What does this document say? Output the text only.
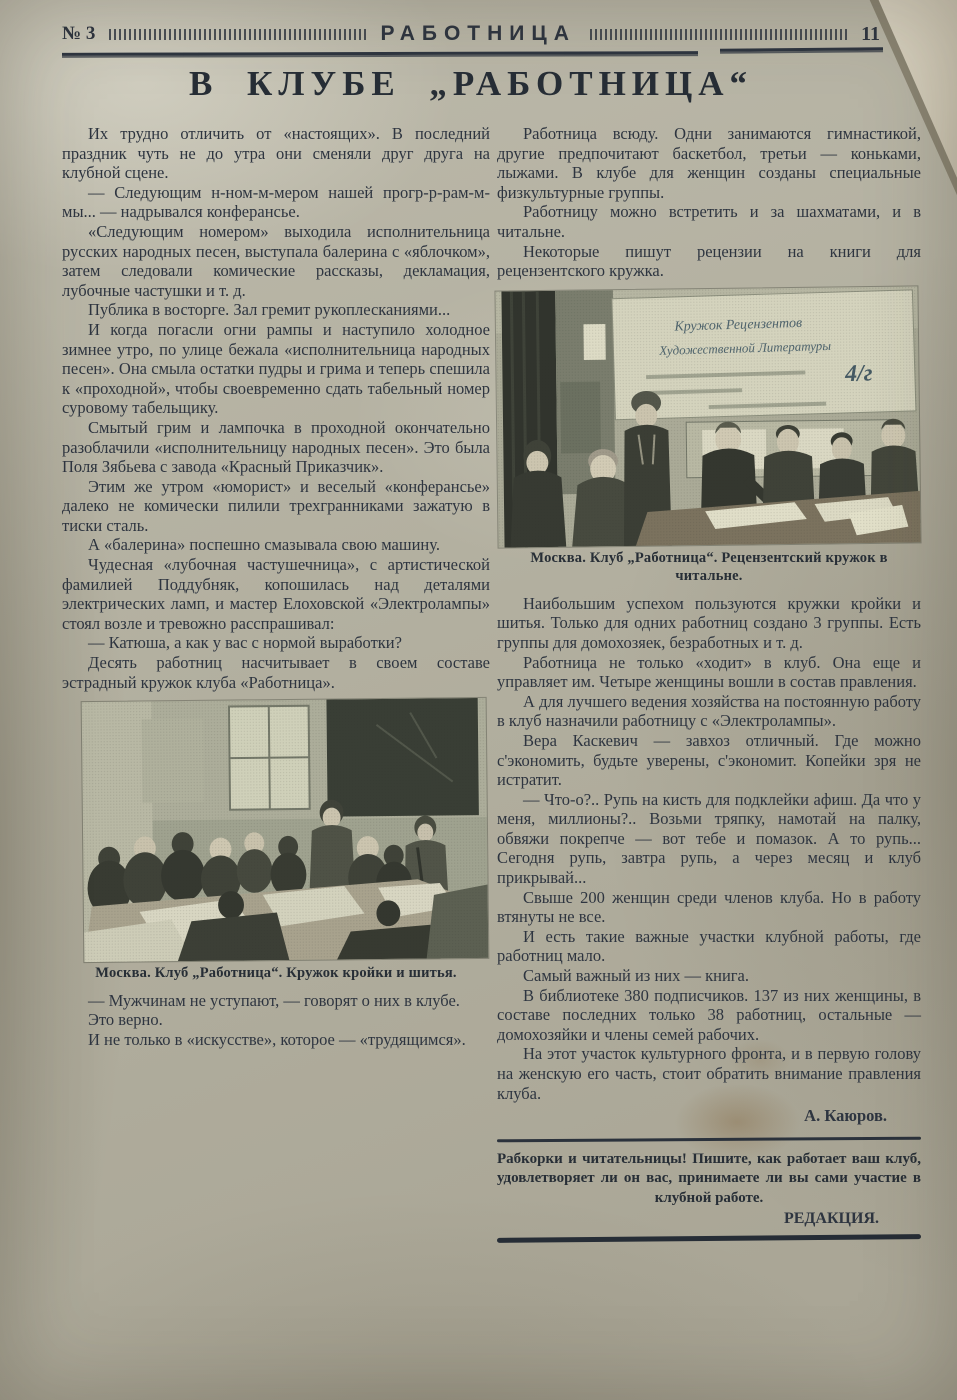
№ 3	РАБОТНИЦА	11
В КЛУБЕ „РАБОТНИЦА“

Их трудно отличить от «настоящих». В последний праздник чуть не до утра они сменяли друг друга на клубной сцене.

— Следующим н-ном-м-мером нашей прогр-р-рам-м-мы... — надрывался конферансье.

«Следующим номером» выходила исполнительница русских народных песен, выступала балерина с «яблочком», затем следовали комические рассказы, декламация, лубочные частушки и т. д.

Публика в восторге. Зал гремит рукоплесканиями...

И когда погасли огни рампы и наступило холодное зимнее утро, по улице бежала «исполнительница народных песен». Она смыла остатки пудры и грима и теперь спешила к «проходной», чтобы своевременно сдать табельный номер суровому табельщику.

Смытый грим и лампочка в проходной окончательно разоблачили «исполнительницу народных песен». Это была Поля Зябьева с завода «Красный Приказчик».

Этим же утром «юморист» и веселый «конферансье» далеко не комически пилили трехгранниками зажатую в тиски сталь.

А «балерина» поспешно смазывала свою машину.

Чудесная «лубочная частушечница», с артистической фамилией Поддубняк, копошилась над деталями электрических ламп, и мастер Елоховской «Электролампы» стоял возле и тревожно расспрашивал:

— Катюша, а как у вас с нормой выработки?

Десять работниц насчитывает в своем составе эстрадный кружок клуба «Работница».

Москва. Клуб „Работница“. Кружок кройки и шитья.

— Мужчинам не уступают, — говорят о них в клубе.

Это верно.

И не только в «искусстве», которое — «трудящимся».

Работница всюду. Одни занимаются гимнастикой, другие предпочитают баскетбол, третьи — коньками, лыжами. В клубе для женщин созданы специальные физкультурные группы.

Работницу можно встретить и за шахматами, и в читальне.

Некоторые пишут рецензии на книги для рецензентского кружка.

Москва. Клуб „Работница“. Рецензентский кружок в читальне.

Наибольшим успехом пользуются кружки кройки и шитья. Только для одних работниц создано 3 группы. Есть группы для домохозяек, безработных и т. д.

Работница не только «ходит» в клуб. Она еще и управляет им. Четыре женщины вошли в состав правления.

А для лучшего ведения хозяйства на постоянную работу в клуб назначили работницу с «Электролампы».

Вера Каскевич — завхоз отличный. Где можно с'экономить, будьте уверены, с'экономит. Копейки зря не истратит.

— Что-о?.. Рупь на кисть для подклейки афиш. Да что у меня, миллионы?.. Возьми тряпку, намотай на палку, обвяжи покрепче — вот тебе и помазок. А то рупь... Сегодня рупь, завтра рупь, а через месяц и клуб прикрывай...

Свыше 200 женщин среди членов клуба. Но в работу втянуты не все.

И есть такие важные участки клубной работы, где работниц мало.

Самый важный из них — книга.

В библиотеке 380 подписчиков. 137 из них женщины, в составе последних только 38 работниц, остальные — домохозяйки и члены семей рабочих.

На этот участок культурного фронта, и в первую голову на женскую его часть, стоит обратить внимание правления клуба.

А. Каюров.
Рабкорки и читательницы! Пишите, как работает ваш клуб, удовлетворяет ли он вас, принимаете ли вы сами участие в клубной работе.
РЕДАКЦИЯ.
